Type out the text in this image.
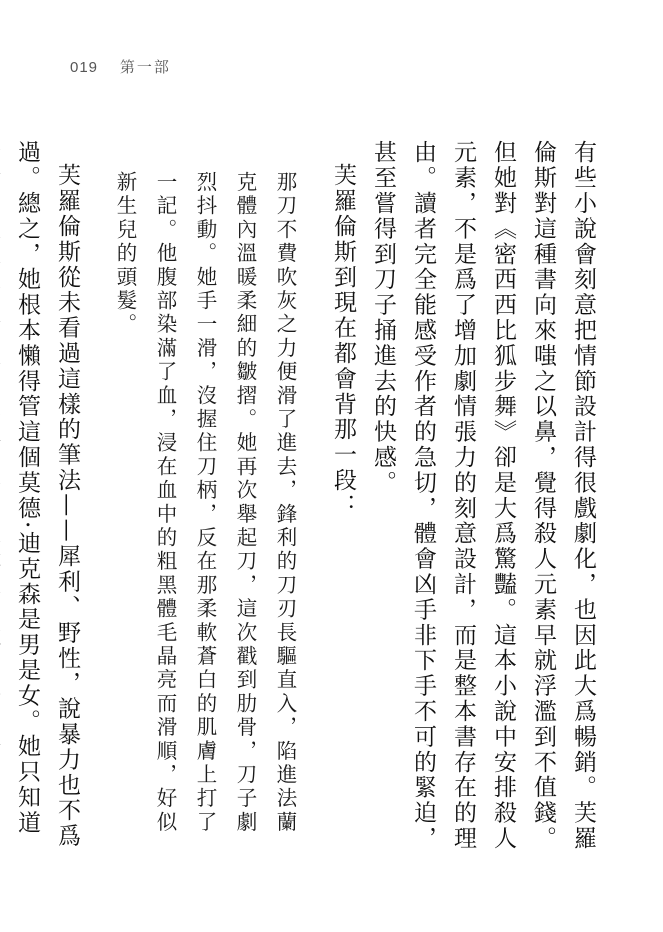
019 第一部

有些小說會刻意把情節設計得很戲劇化，也因此大爲暢銷。芙羅倫斯對這種書向來嗤之以鼻，覺得殺人元素早就浮濫到不值錢。但她對《密西西比狐步舞》卻是大爲驚豔。這本小說中安排殺人元素，不是爲了增加劇情張力的刻意設計，而是整本書存在的理由。讀者完全能感受作者的急切，體會凶手非下手不可的緊迫，甚至嘗得到刀子捅進去的快感。

芙羅倫斯到現在都會背那一段：

那刀不費吹灰之力便滑了進去，鋒利的刀刃長驅直入，陷進法蘭克體內溫暖柔細的皺摺。她再次舉起刀，這次戳到肋骨，刀子劇烈抖動。她手一滑，沒握住刀柄，反在那柔軟蒼白的肌膚上打了一記。他腹部染滿了血，浸在血中的粗黑體毛晶亮而滑順，好似新生兒的頭髮。

芙羅倫斯從未看過這樣的筆法——犀利、野性，說暴力也不爲過。總之，她根本懶得管這個莫德·迪克森是男是女。她只知道
